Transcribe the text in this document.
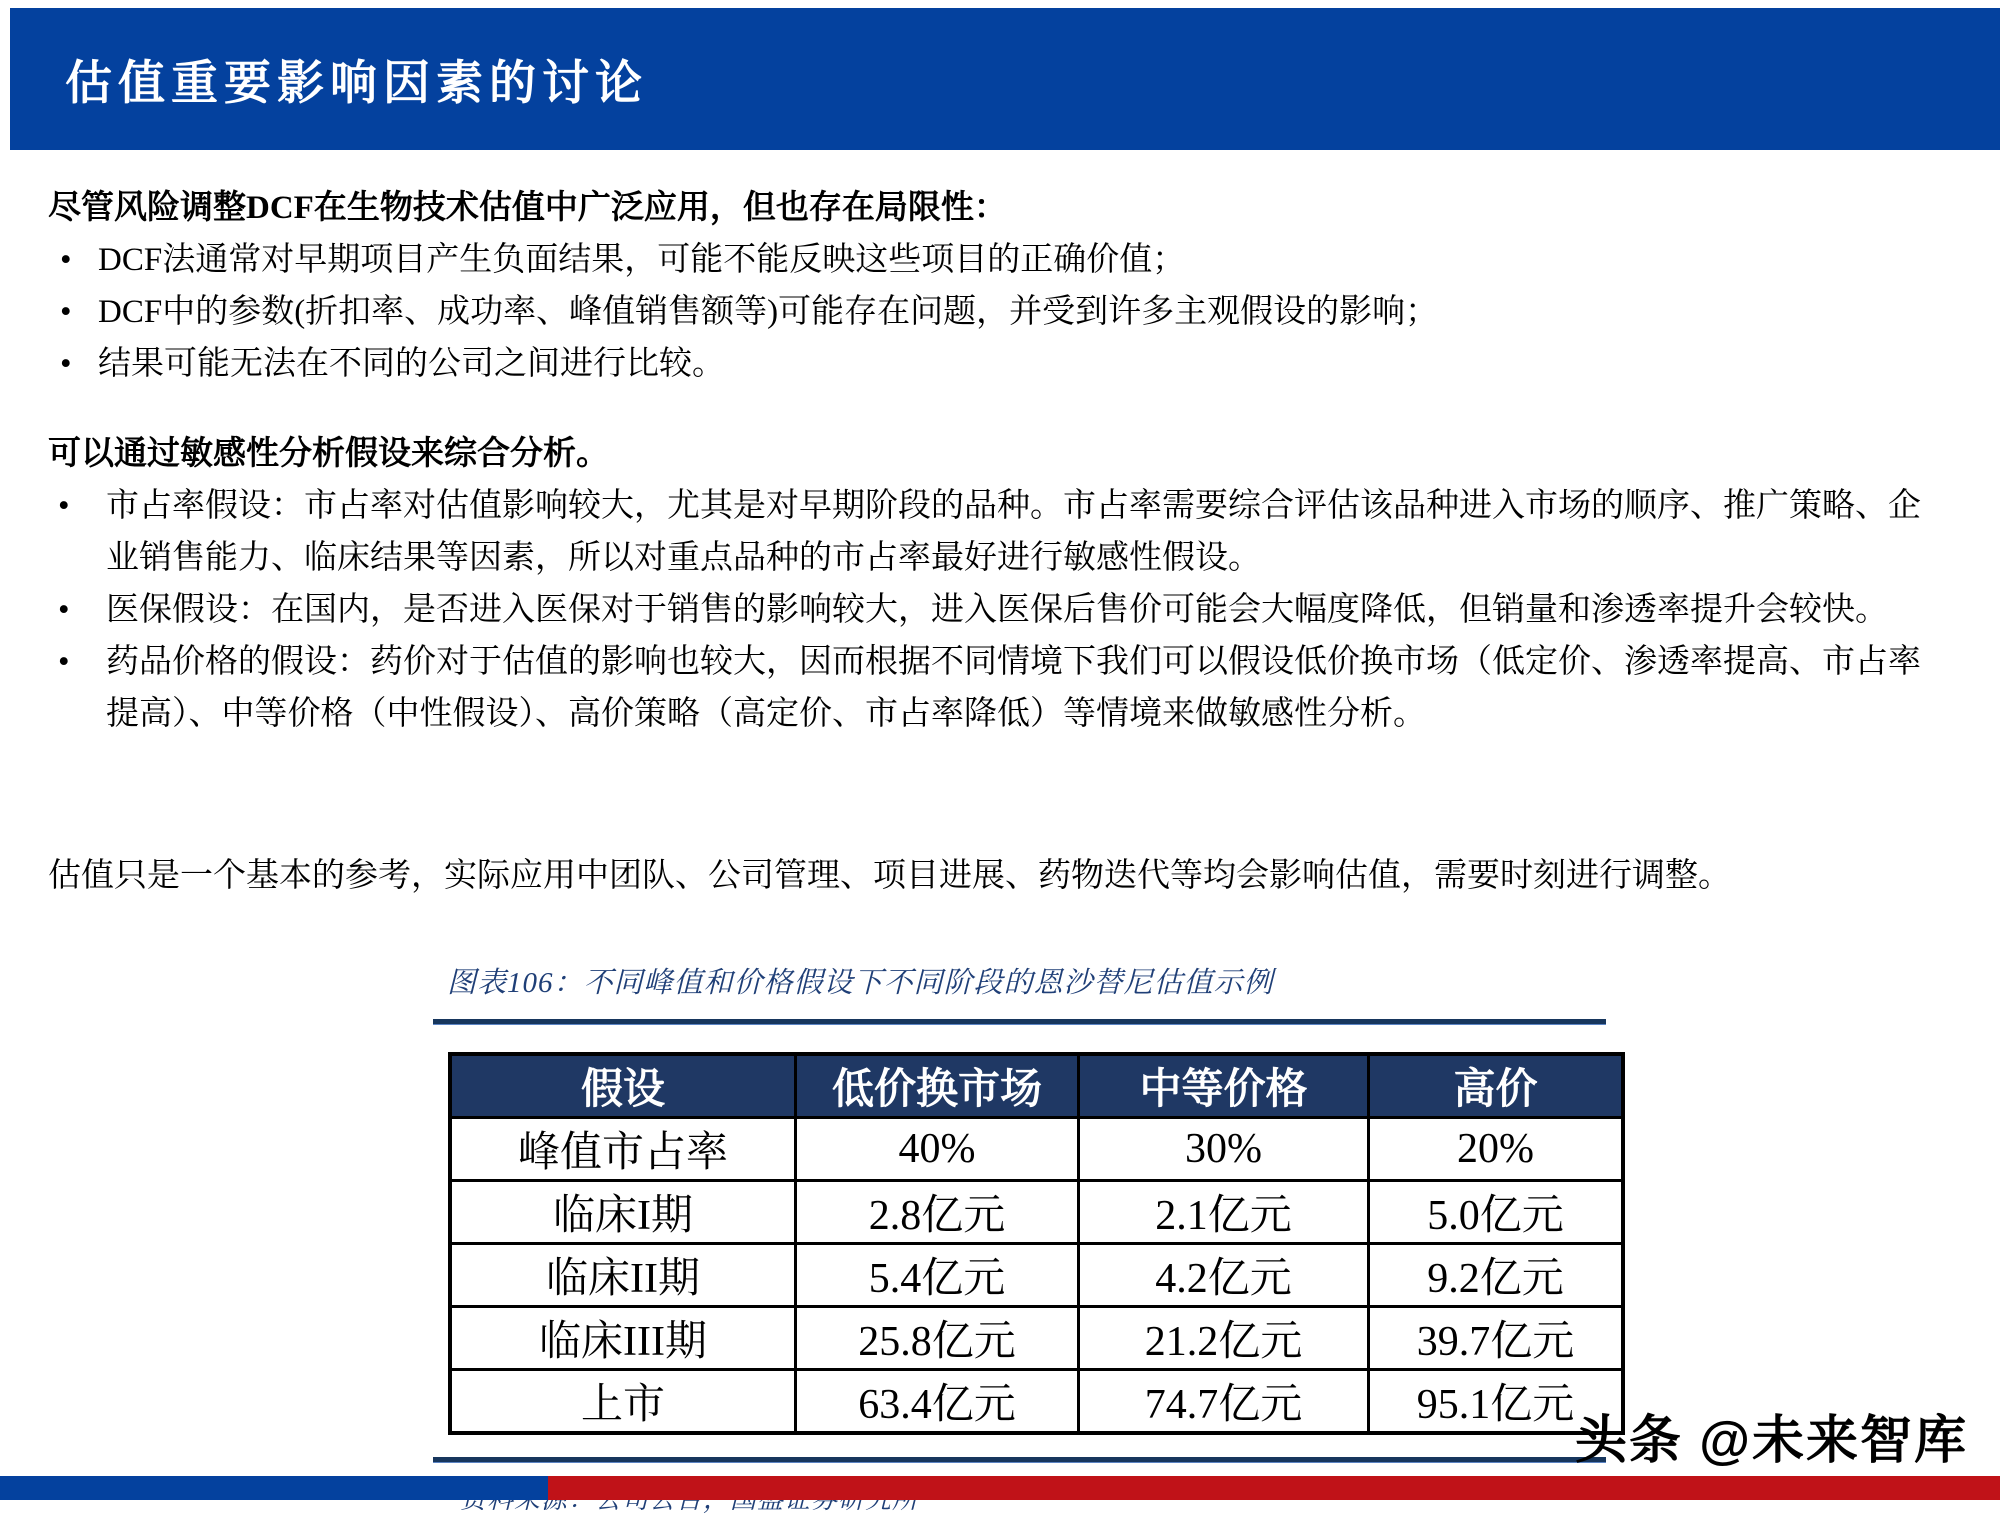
估值重要影响因素的讨论

尽管风险调整DCF在生物技术估值中广泛应用，但也存在局限性：

• DCF法通常对早期项目产生负面结果，可能不能反映这些项目的正确价值；
• DCF中的参数(折扣率、成功率、峰值销售额等)可能存在问题，并受到许多主观假设的影响；
• 结果可能无法在不同的公司之间进行比较。

可以通过敏感性分析假设来综合分析。

• 市占率假设：市占率对估值影响较大，尤其是对早期阶段的品种。市占率需要综合评估该品种进入市场的顺序、推广策略、企业销售能力、临床结果等因素，所以对重点品种的市占率最好进行敏感性假设。
• 医保假设：在国内，是否进入医保对于销售的影响较大，进入医保后售价可能会大幅度降低，但销量和渗透率提升会较快。
• 药品价格的假设：药价对于估值的影响也较大，因而根据不同情境下我们可以假设低价换市场（低定价、渗透率提高、市占率提高）、中等价格（中性假设）、高价策略（高定价、市占率降低）等情境来做敏感性分析。

估值只是一个基本的参考，实际应用中团队、公司管理、项目进展、药物迭代等均会影响估值，需要时刻进行调整。

图表106：不同峰值和价格假设下不同阶段的恩沙替尼估值示例

假设	低价换市场	中等价格	高价
峰值市占率	40%	30%	20%
临床I期	2.8亿元	2.1亿元	5.0亿元
临床II期	5.4亿元	4.2亿元	9.2亿元
临床III期	25.8亿元	21.2亿元	39.7亿元
上市	63.4亿元	74.7亿元	95.1亿元

头条 @未来智库
